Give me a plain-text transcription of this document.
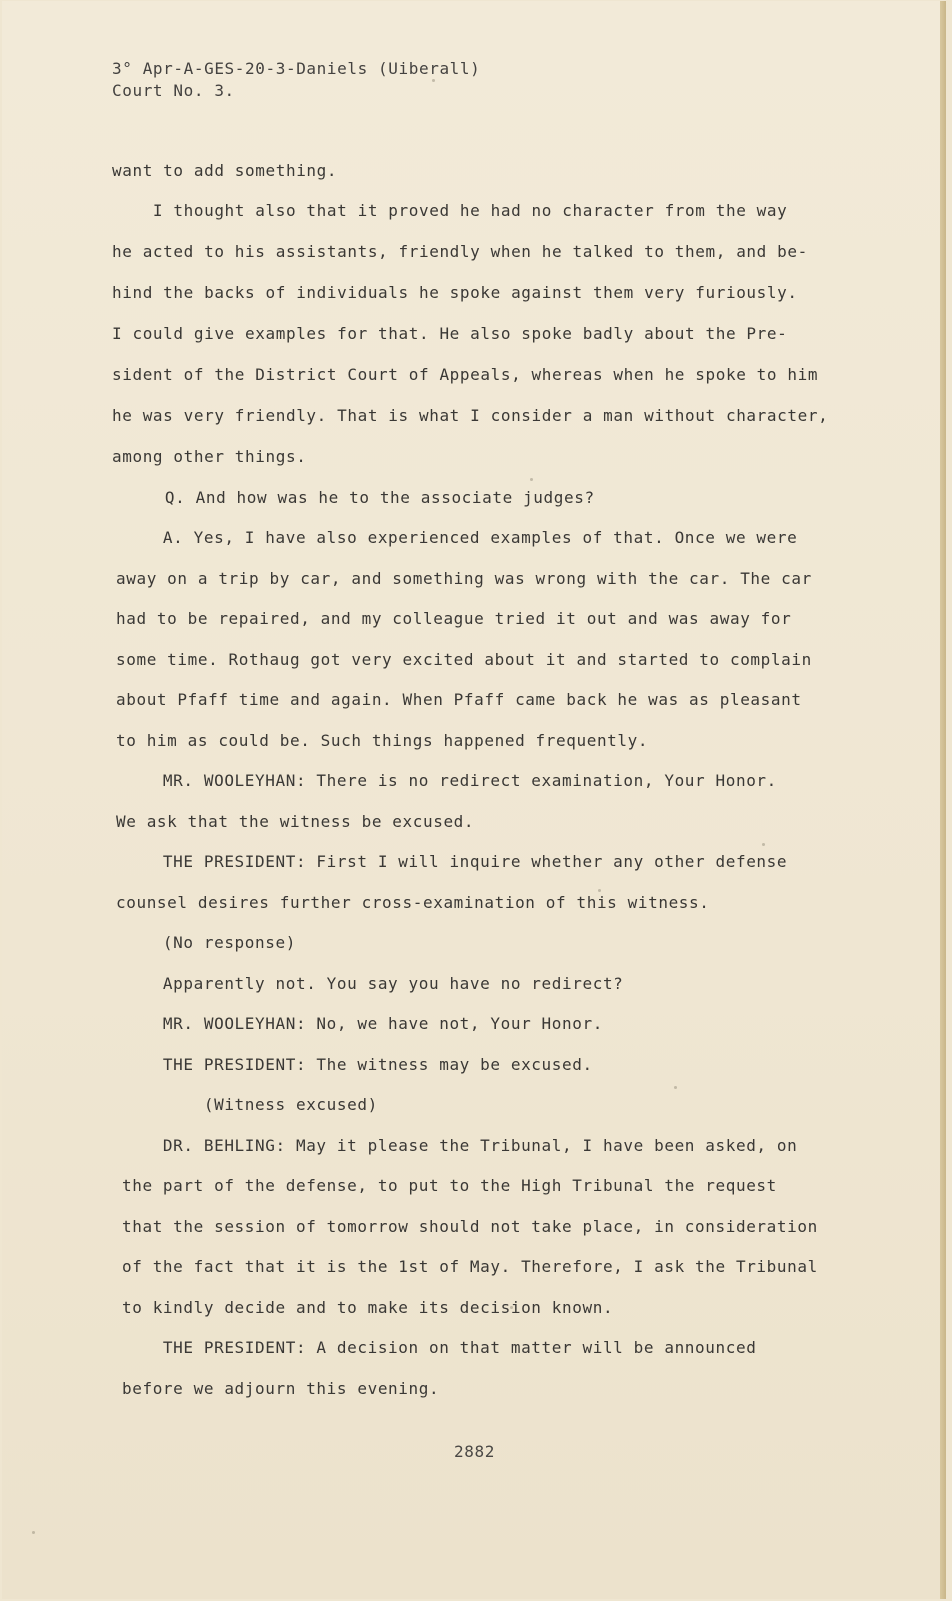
3° Apr-A-GES-20-3-Daniels (Uiberall)
Court No. 3.
want to add something.
I thought also that it proved he had no character from the way
he acted to his assistants, friendly when he talked to them, and be-
hind the backs of individuals he spoke against them very furiously.
I could give examples for that. He also spoke badly about the Pre-
sident of the District Court of Appeals, whereas when he spoke to him
he was very friendly. That is what I consider a man without character,
among other things.
Q. And how was he to the associate judges?
A. Yes, I have also experienced examples of that. Once we were
away on a trip by car, and something was wrong with the car. The car
had to be repaired, and my colleague tried it out and was away for
some time. Rothaug got very excited about it and started to complain
about Pfaff time and again. When Pfaff came back he was as pleasant
to him as could be. Such things happened frequently.
MR. WOOLEYHAN: There is no redirect examination, Your Honor.
We ask that the witness be excused.
THE PRESIDENT: First I will inquire whether any other defense
counsel desires further cross-examination of this witness.
(No response)
Apparently not. You say you have no redirect?
MR. WOOLEYHAN: No, we have not, Your Honor.
THE PRESIDENT: The witness may be excused.
(Witness excused)
DR. BEHLING: May it please the Tribunal, I have been asked, on
the part of the defense, to put to the High Tribunal the request
that the session of tomorrow should not take place, in consideration
of the fact that it is the 1st of May. Therefore, I ask the Tribunal
to kindly decide and to make its decision known.
THE PRESIDENT: A decision on that matter will be announced
before we adjourn this evening.
2882
